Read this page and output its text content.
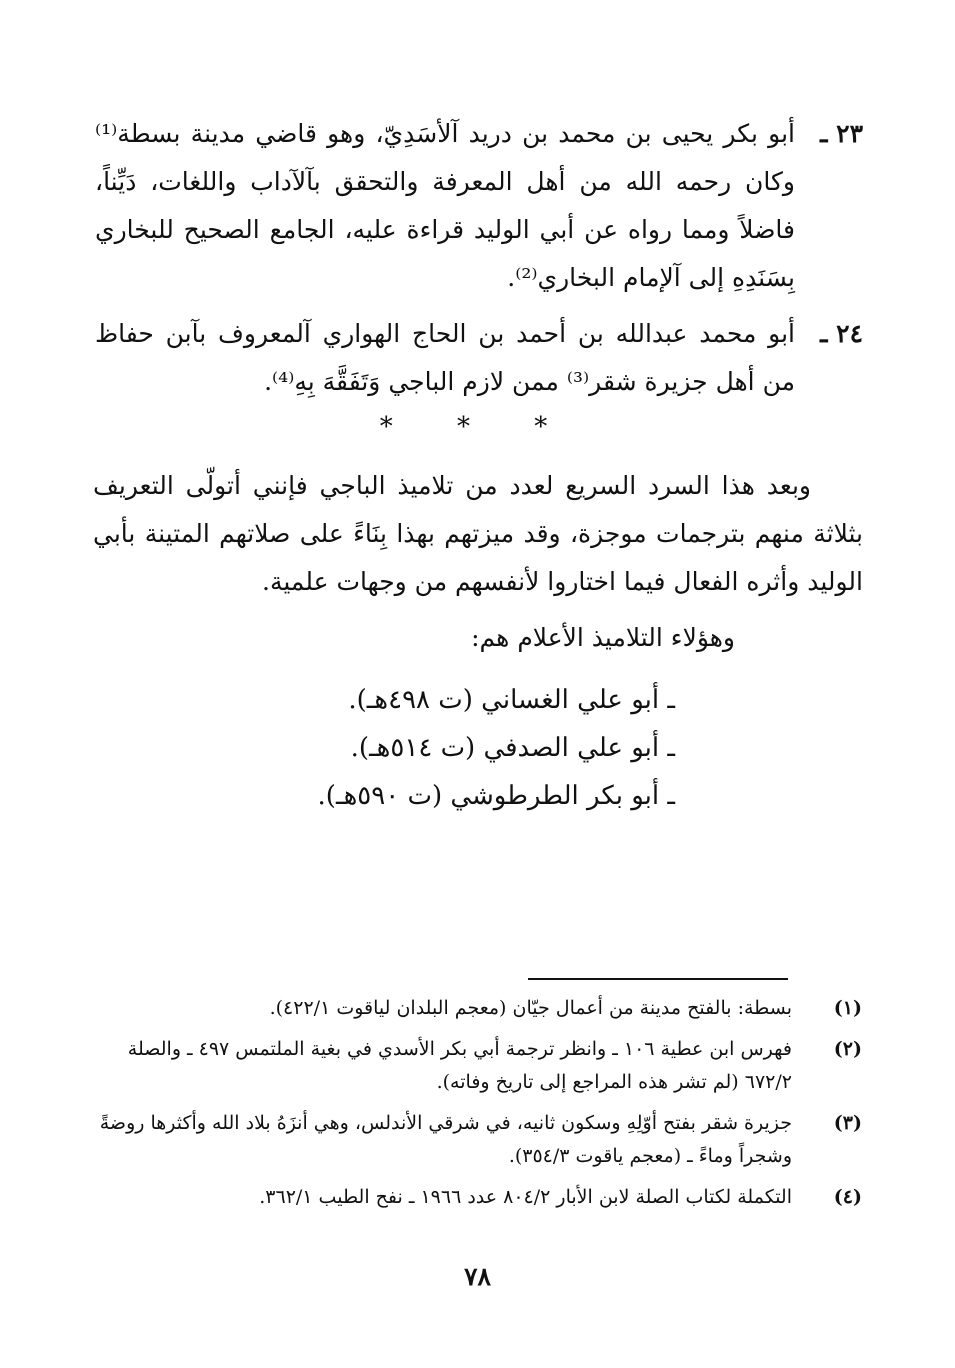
٢٣ ـ
أبو بكر يحيى بن محمد بن دريد آلأسَدِيّ، وهو قاضي مدينة بسطة⁽¹⁾ وكان رحمه الله من أهل المعرفة والتحقق بآلآداب واللغات، دَيِّناً، فاضلاً ومما رواه عن أبي الوليد قراءة عليه، الجامع الصحيح للبخاري بِسَنَدِهِ إلى آلإمام البخاري⁽²⁾.
٢٤ ـ
أبو محمد عبدالله بن أحمد بن الحاج الهواري آلمعروف بآبن حفاظ من أهل جزيرة شقر⁽³⁾ ممن لازم الباجي وَتَفَقَّهَ بِهِ⁽⁴⁾.
* * *

وبعد هذا السرد السريع لعدد من تلاميذ الباجي فإنني أتولّى التعريف بثلاثة منهم بترجمات موجزة، وقد ميزتهم بهذا بِنَاءً على صلاتهم المتينة بأبي الوليد وأثره الفعال فيما اختاروا لأنفسهم من وجهات علمية.

وهؤلاء التلاميذ الأعلام هم:

ـ أبو علي الغساني (ت ٤٩٨هـ).
ـ أبو علي الصدفي (ت ٥١٤هـ).
ـ أبو بكر الطرطوشي (ت ٥٩٠هـ).
(١)
بسطة: بالفتح مدينة من أعمال جيّان (معجم البلدان لياقوت ٤٢٢/١).
(٢)
فهرس ابن عطية ١٠٦ ـ وانظر ترجمة أبي بكر الأسدي في بغية الملتمس ٤٩٧ ـ والصلة ٦٧٢/٢ (لم تشر هذه المراجع إلى تاريخ وفاته).
(٣)
جزيرة شقر بفتح أوّلِهِ وسكون ثانيه، في شرقي الأندلس، وهي أنزَهُ بلاد الله وأكثرها روضةً وشجراً وماءً ـ (معجم ياقوت ٣٥٤/٣).
(٤)
التكملة لكتاب الصلة لابن الأبار ٨٠٤/٢ عدد ١٩٦٦ ـ نفح الطيب ٣٦٢/١.
٧٨
